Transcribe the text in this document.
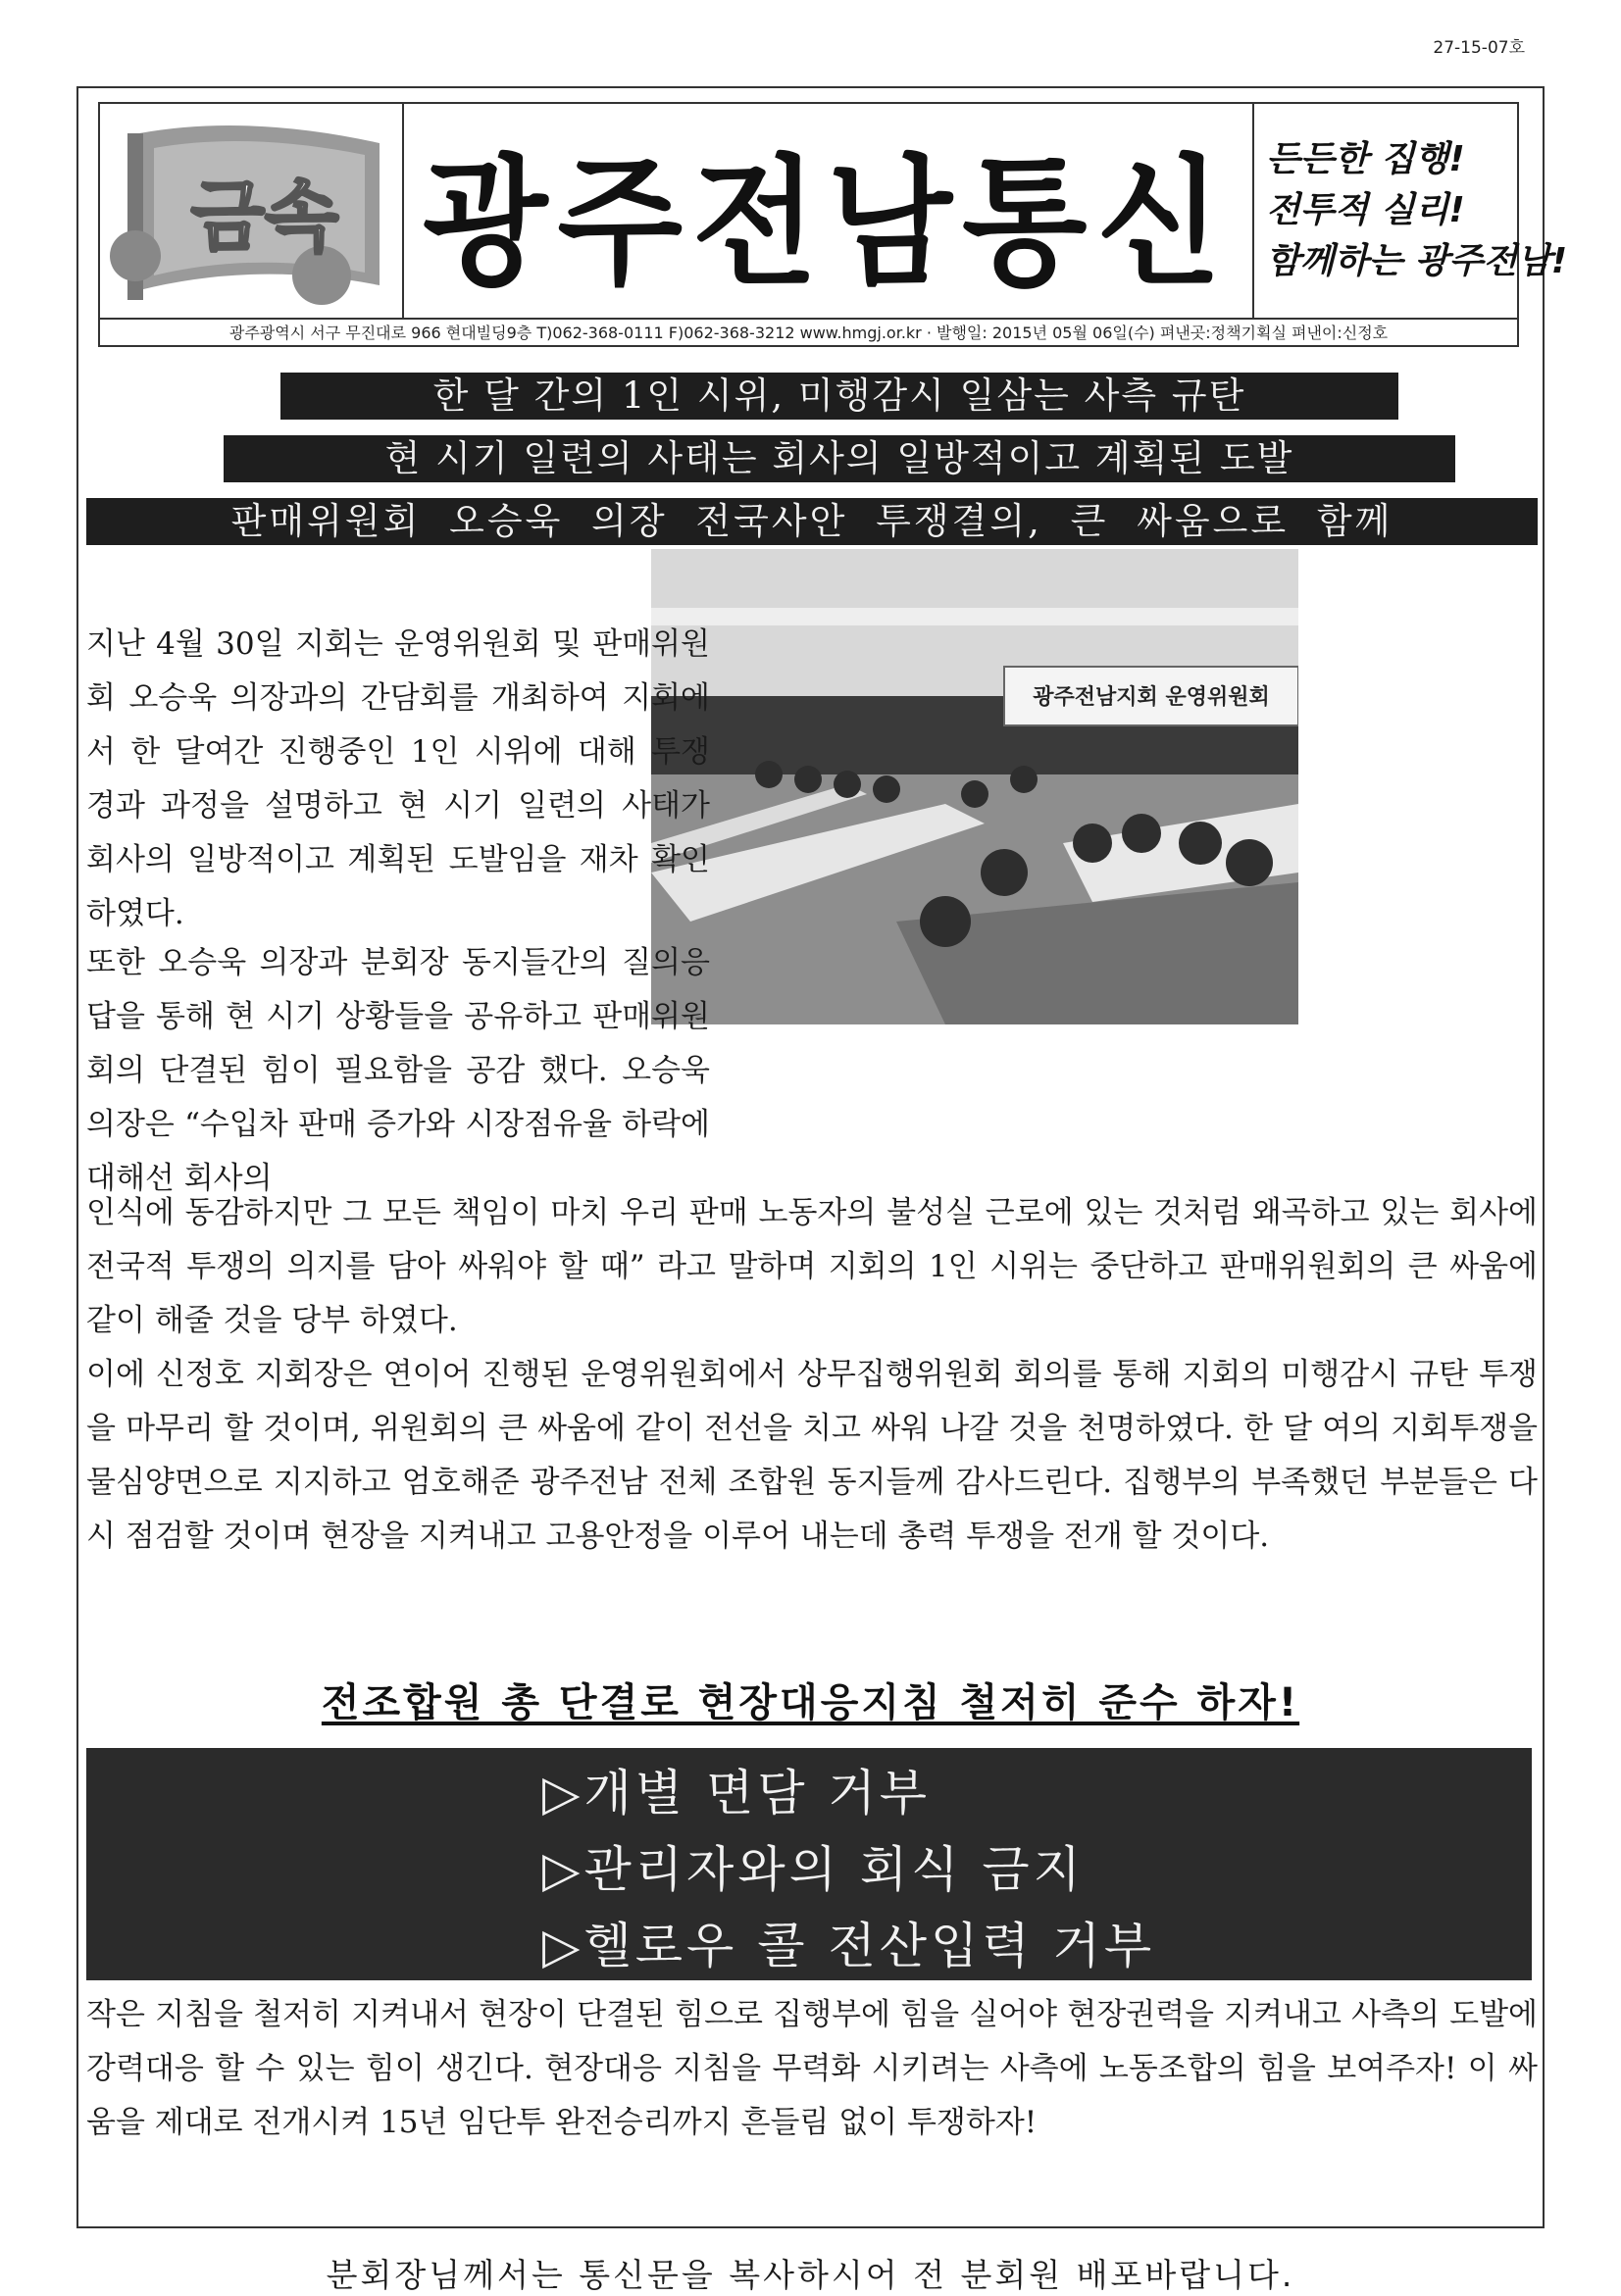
27-15-07호
금속 광주전남통신 든든한 집행!
전투적 실리!
함께하는 광주전남!
광주광역시 서구 무진대로 966 현대빌딩9층 T)062-368-0111 F)062-368-3212 www.hmgj.or.kr · 발행일: 2015년 05월 06일(수) 펴낸곳:정책기획실 펴낸이:신정호
한 달 간의 1인 시위, 미행감시 일삼는 사측 규탄
현 시기 일련의 사태는 회사의 일방적이고 계획된 도발
판매위원회 오승욱 의장 전국사안 투쟁결의, 큰 싸움으로 함께
광주전남지회 운영위원회

지난 4월 30일 지회는 운영위원회 및 판매위원회 오승욱 의장과의 간담회를 개최하여 지회에서 한 달여간 진행중인 1인 시위에 대해 투쟁 경과 과정을 설명하고 현 시기 일련의 사태가 회사의 일방적이고 계획된 도발임을 재차 확인하였다.

또한 오승욱 의장과 분회장 동지들간의 질의응답을 통해 현 시기 상황들을 공유하고 판매위원회의 단결된 힘이 필요함을 공감 했다. 오승욱 의장은 “수입차 판매 증가와 시장점유율 하락에 대해선 회사의

인식에 동감하지만 그 모든 책임이 마치 우리 판매 노동자의 불성실 근로에 있는 것처럼 왜곡하고 있는 회사에 전국적 투쟁의 의지를 담아 싸워야 할 때” 라고 말하며 지회의 1인 시위는 중단하고 판매위원회의 큰 싸움에 같이 해줄 것을 당부 하였다.

이에 신정호 지회장은 연이어 진행된 운영위원회에서 상무집행위원회 회의를 통해 지회의 미행감시 규탄 투쟁을 마무리 할 것이며, 위원회의 큰 싸움에 같이 전선을 치고 싸워 나갈 것을 천명하였다. 한 달 여의 지회투쟁을 물심양면으로 지지하고 엄호해준 광주전남 전체 조합원 동지들께 감사드린다. 집행부의 부족했던 부분들은 다시 점검할 것이며 현장을 지켜내고 고용안정을 이루어 내는데 총력 투쟁을 전개 할 것이다.

전조합원 총 단결로 현장대응지침 철저히 준수 하자!
▷개별 면담 거부
▷관리자와의 회식 금지
▷헬로우 콜 전산입력 거부

작은 지침을 철저히 지켜내서 현장이 단결된 힘으로 집행부에 힘을 실어야 현장권력을 지켜내고 사측의 도발에 강력대응 할 수 있는 힘이 생긴다. 현장대응 지침을 무력화 시키려는 사측에 노동조합의 힘을 보여주자! 이 싸움을 제대로 전개시켜 15년 임단투 완전승리까지 흔들림 없이 투쟁하자!

분회장님께서는 통신문을 복사하시어 전 분회원 배포바랍니다.
